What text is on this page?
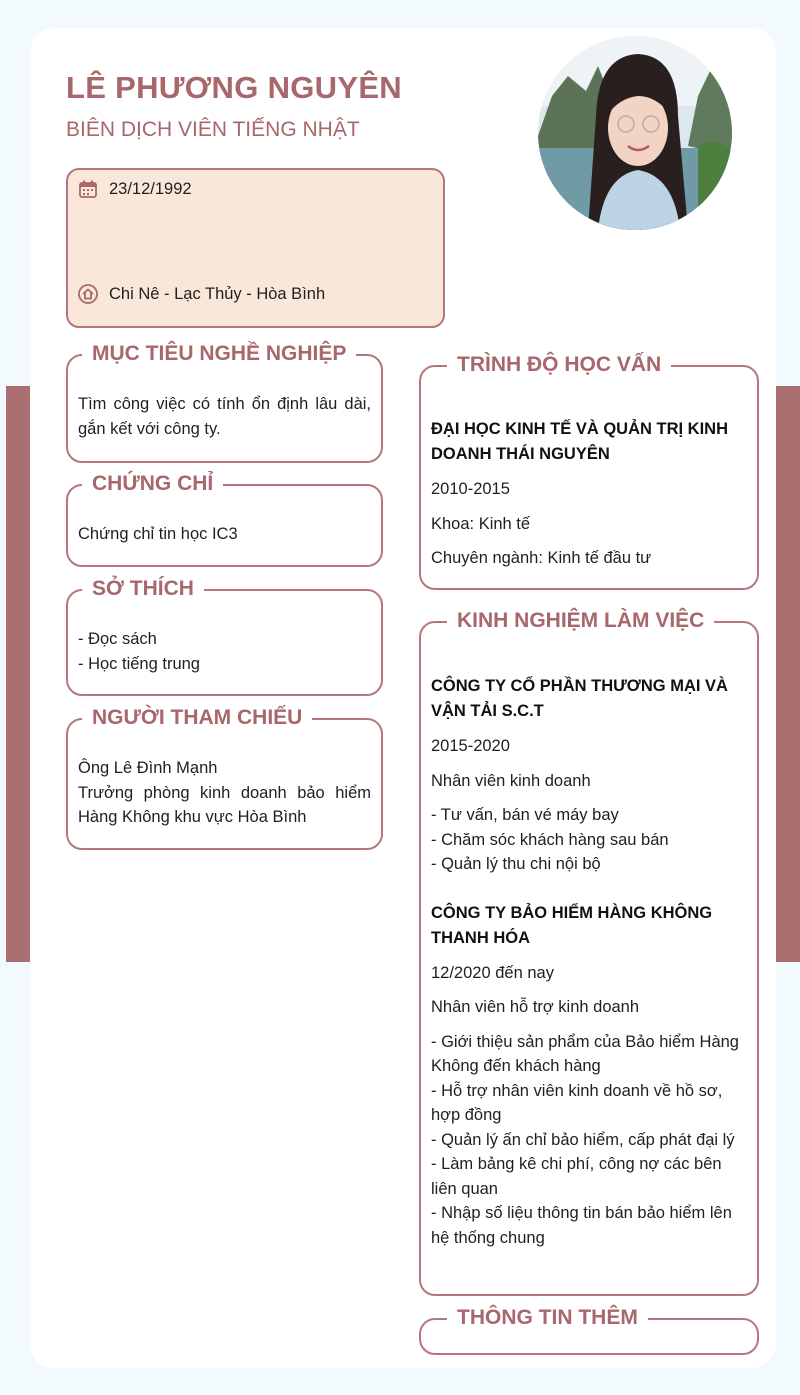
LÊ PHƯƠNG NGUYÊN
BIÊN DỊCH VIÊN TIẾNG NHẬT
23/12/1992
Chi Nê - Lạc Thủy - Hòa Bình
MỤC TIÊU NGHỀ NGHIỆP
Tìm công việc có tính ổn định lâu dài, gắn kết với công ty.
CHỨNG CHỈ
Chứng chỉ tin học IC3
SỞ THÍCH
- Đọc sách
- Học tiếng trung
NGƯỜI THAM CHIẾU
Ông Lê Đình Mạnh
Trưởng phòng kinh doanh bảo hiểm Hàng Không khu vực Hòa Bình
TRÌNH ĐỘ HỌC VẤN
ĐẠI HỌC KINH TẾ VÀ QUẢN TRỊ KINH DOANH THÁI NGUYÊN
2010-2015
Khoa: Kinh tế
Chuyên ngành: Kinh tế đầu tư
KINH NGHIỆM LÀM VIỆC
CÔNG TY CỔ PHẦN THƯƠNG MẠI VÀ VẬN TẢI S.C.T
2015-2020
Nhân viên kinh doanh
- Tư vấn, bán vé máy bay
- Chăm sóc khách hàng sau bán
- Quản lý thu chi nội bộ
CÔNG TY BẢO HIỂM HÀNG KHÔNG THANH HÓA
12/2020 đến nay
Nhân viên hỗ trợ kinh doanh
- Giới thiệu sản phẩm của Bảo hiểm Hàng Không đến khách hàng
- Hỗ trợ nhân viên kinh doanh về hồ sơ, hợp đồng
- Quản lý ấn chỉ bảo hiểm, cấp phát đại lý
- Làm bảng kê chi phí, công nợ các bên liên quan
- Nhập số liệu thông tin bán bảo hiểm lên hệ thống chung
THÔNG TIN THÊM
